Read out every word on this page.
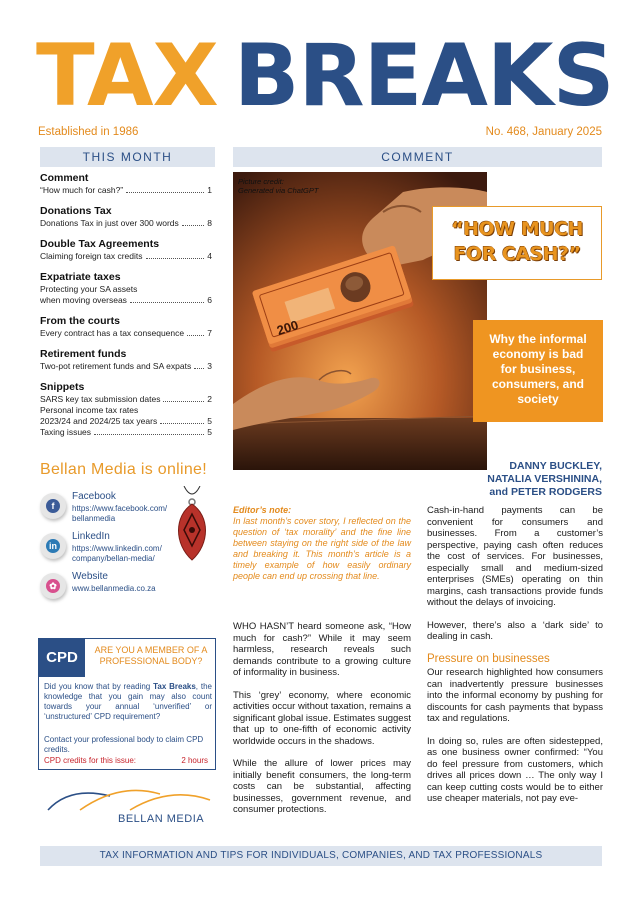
TAX BREAKS
Established in 1986	No. 468, January 2025
THIS MONTH	COMMENT
Comment
“How much for cash?”	1
Donations Tax
Donations Tax in just over 300 words	8
Double Tax Agreements
Claiming foreign tax credits	4
Expatriate taxes
Protecting your SA assets
when moving overseas	6
From the courts
Every contract has a tax consequence	7
Retirement funds
Two-pot retirement funds and SA expats 3
Snippets
SARS key tax submission dates	2
Personal income tax rates
2023/24 and 2024/25 tax years	5
Taxing issues	5
Bellan Media is online!
f
Facebook
https://www.facebook.com/
bellanmedia
in
LinkedIn
https://www.linkedin.com/
company/bellan-media/
✿
Website
www.bellanmedia.co.za
CPD	ARE YOU A MEMBER OF A PROFESSIONAL BODY?
Did you know that by reading Tax Breaks, the knowledge that you gain may also count towards your annual ‘unverified’ or ‘unstructured’ CPD requirement?
Contact your professional body to claim CPD credits.
CPD credits for this issue:	2 hours
BELLAN MEDIA
200
Picture credit:
Generated via ChatGPT
“HOW MUCH
FOR CASH?”
Why the informal
economy is bad
for business,
consumers, and
society
DANNY BUCKLEY,
NATALIA VERSHININA,
and PETER RODGERS
Editor’s note:
In last month’s cover story, I reflected on the question of ‘tax morality’ and the fine line between staying on the right side of the law and breaking it. This month’s article is a timely example of how easily ordinary people can end up crossing that line.

WHO HASN’T heard someone ask, “How much for cash?” While it may seem harmless, research reveals such demands contribute to a growing culture of informality in business.

This ‘grey’ economy, where economic activities occur without taxation, remains a significant global issue. Estimates suggest that up to one-fifth of economic activity worldwide occurs in the shadows.

While the allure of lower prices may initially benefit consumers, the long-term costs can be substantial, affecting businesses, government revenue, and consumer protections.

Cash-in-hand payments can be convenient for consumers and businesses. From a customer’s perspective, paying cash often reduces the cost of services. For businesses, especially small and medium-sized enterprises (SMEs) operating on thin margins, cash transactions provide funds without the delays of invoicing.

However, there’s also a ‘dark side’ to dealing in cash.

Pressure on businesses

Our research highlighted how consumers can inadvertently pressure businesses into the informal economy by pushing for discounts for cash payments that bypass tax and regulations.

In doing so, rules are often sidestepped, as one business owner confirmed: “You do feel pressure from customers, which drives all prices down … The only way I can keep cutting costs would be to either use cheaper materials, not pay eve-

TAX INFORMATION AND TIPS FOR INDIVIDUALS, COMPANIES, AND TAX PROFESSIONALS
